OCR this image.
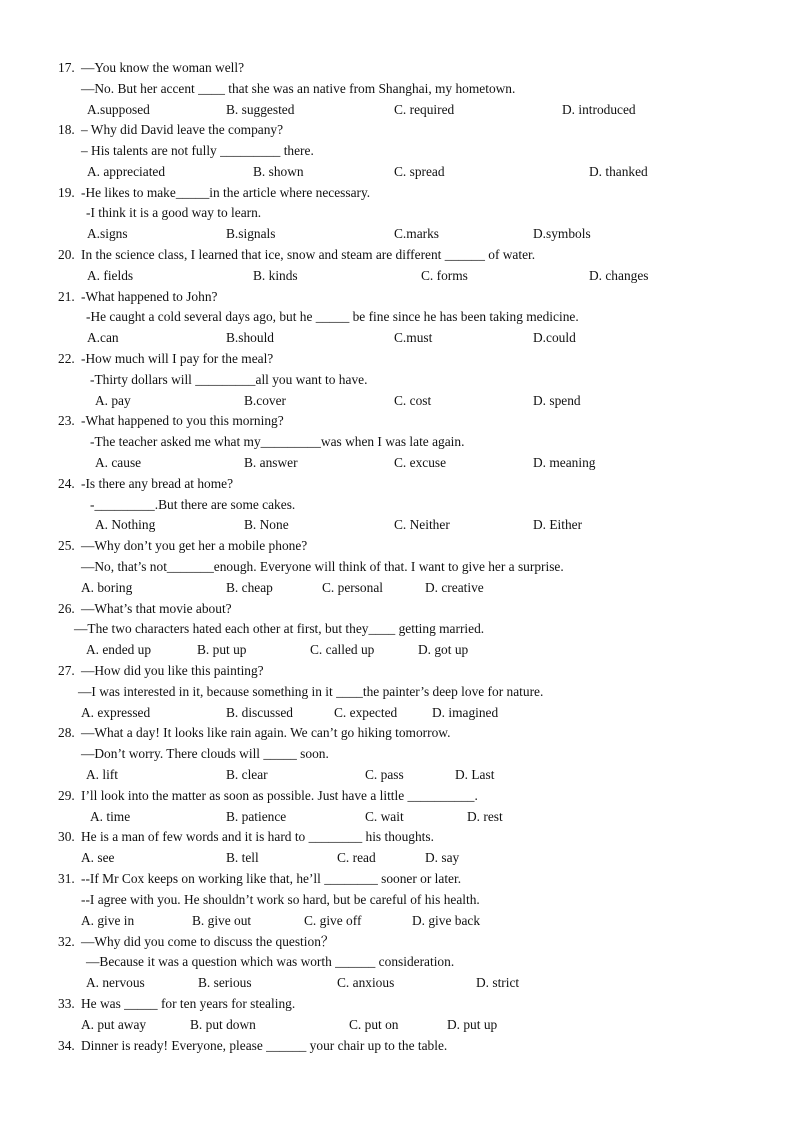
17. —You know the woman well?
—No. But her accent ____ that she was an native from Shanghai, my hometown.
A.supposed	B. suggested	C. required	D. introduced
18. – Why did David leave the company?
– His talents are not fully _________ there.
A. appreciated	B. shown	C. spread	D. thanked
19. -He likes to make_____in the article where necessary.
-I think it is a good way to learn.
A.signs	B.signals	C.marks	D.symbols
20. In the science class, I learned that ice, snow and steam are different ______ of water.
A. fields	B. kinds	C. forms	D. changes
21. -What happened to John?
-He caught a cold several days ago, but he _____ be fine since he has been taking medicine.
A.can	B.should	C.must	D.could
22. -How much will I pay for the meal?
-Thirty dollars will _________all you want to have.
A. pay	B.cover	C. cost	D. spend
23. -What happened to you this morning?
-The teacher asked me what my_________was when I was late again.
A. cause	B. answer	C. excuse	D. meaning
24. -Is there any bread at home?
-_________.But there are some cakes.
A. Nothing	B. None	C. Neither	D. Either
25. —Why don’t you get her a mobile phone?
—No, that’s not_______enough. Everyone will think of that. I want to give her a surprise.
A. boring	B. cheap	C. personal	D. creative
26. —What’s that movie about?
—The two characters hated each other at first, but they____ getting married.
A. ended up	B. put up	C. called up	D. got up
27. —How did you like this painting?
—I was interested in it, because something in it ____the painter’s deep love for nature.
A. expressed	B. discussed	C. expected	D. imagined
28. —What a day! It looks like rain again. We can’t go hiking tomorrow.
—Don’t worry. There clouds will _____ soon.
A. lift	B. clear	C. pass	D. Last
29. I’ll look into the matter as soon as possible. Just have a little __________.
A. time	B. patience	C. wait	D. rest
30. He is a man of few words and it is hard to ________ his thoughts.
A. see	B. tell	C. read	D. say
31. --If Mr Cox keeps on working like that, he’ll ________ sooner or later.
--I agree with you. He shouldn’t work so hard, but be careful of his health.
A. give in	B. give out	C. give off	D. give back
32. —Why did you come to discuss the question？
—Because it was a question which was worth ______ consideration.
A. nervous	B. serious	C. anxious	D. strict
33. He was _____ for ten years for stealing.
A. put away	B. put down	C. put on	D. put up
34. Dinner is ready! Everyone, please ______ your chair up to the table.
